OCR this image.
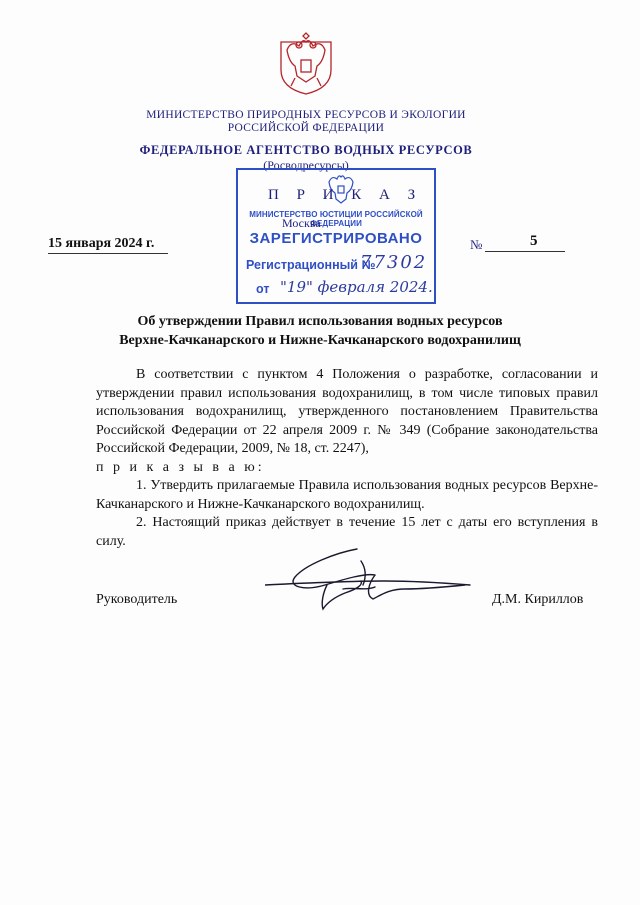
МИНИСТЕРСТВО ПРИРОДНЫХ РЕСУРСОВ И ЭКОЛОГИИ
РОССИЙСКОЙ ФЕДЕРАЦИИ
ФЕДЕРАЛЬНОЕ АГЕНТСТВО ВОДНЫХ РЕСУРСОВ
(Росводресурсы)
МИНИСТЕРСТВО ЮСТИЦИИ РОССИЙСКОЙ ФЕДЕРАЦИИ
ЗАРЕГИСТРИРОВАНО
Регистрационный №
77302
от "19" февраля 2024.
П Р И К А З
Москва
15 января 2024 г.	№	5
Об утверждении Правил использования водных ресурсов
Верхне-Качканарского и Нижне-Качканарского водохранилищ

В соответствии с пунктом 4 Положения о разработке, согласовании и утверждении правил использования водохранилищ, в том числе типовых правил использования водохранилищ, утвержденного постановлением Правительства Российской Федерации от 22 апреля 2009 г. № 349 (Собрание законодательства Российской Федерации, 2009, № 18, ст. 2247),

п р и к а з ы в а ю:

1. Утвердить прилагаемые Правила использования водных ресурсов Верхне-Качканарского и Нижне-Качканарского водохранилищ.

2. Настоящий приказ действует в течение 15 лет с даты его вступления в силу.

Руководитель	Д.М. Кириллов
